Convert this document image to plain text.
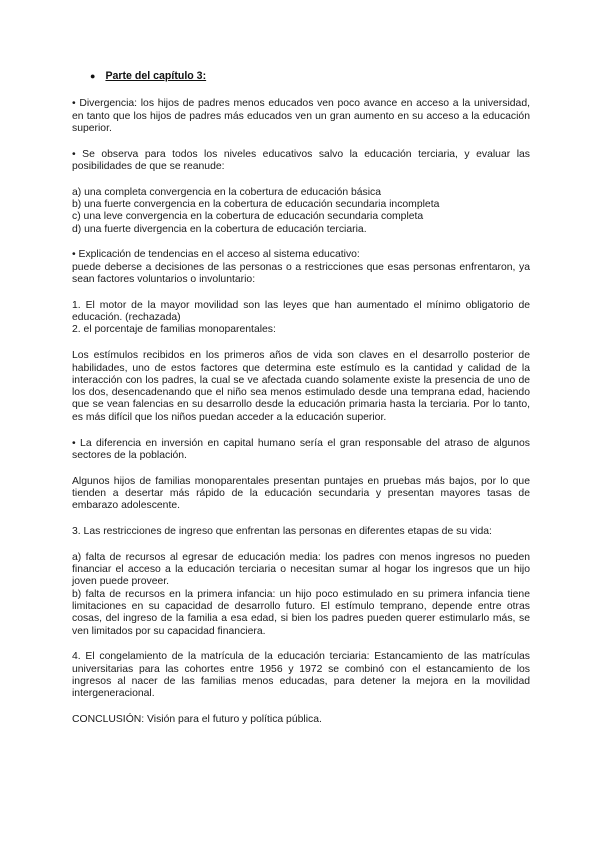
● Parte del capítulo 3:

• Divergencia: los hijos de padres menos educados ven poco avance en acceso a la universidad, en tanto que los hijos de padres más educados ven un gran aumento en su acceso a la educación superior.

• Se observa para todos los niveles educativos salvo la educación terciaria, y evaluar las posibilidades de que se reanude:

a) una completa convergencia en la cobertura de educación básica

b) una fuerte convergencia en la cobertura de educación secundaria incompleta

c) una leve convergencia en la cobertura de educación secundaria completa

d) una fuerte divergencia en la cobertura de educación terciaria.

• Explicación de tendencias en el acceso al sistema educativo:

puede deberse a decisiones de las personas o a restricciones que esas personas enfrentaron, ya sean factores voluntarios o involuntario:

1. El motor de la mayor movilidad son las leyes que han aumentado el mínimo obligatorio de educación. (rechazada)

2. el porcentaje de familias monoparentales:

Los estímulos recibidos en los primeros años de vida son claves en el desarrollo posterior de habilidades, uno de estos factores que determina este estímulo es la cantidad y calidad de la interacción con los padres, la cual se ve afectada cuando solamente existe la presencia de uno de los dos, desencadenando que el niño sea menos estimulado desde una temprana edad, haciendo que se vean falencias en su desarrollo desde la educación primaria hasta la terciaria. Por lo tanto, es más difícil que los niños puedan acceder a la educación superior.

• La diferencia en inversión en capital humano sería el gran responsable del atraso de algunos sectores de la población.

Algunos hijos de familias monoparentales presentan puntajes en pruebas más bajos, por lo que tienden a desertar más rápido de la educación secundaria y presentan mayores tasas de embarazo adolescente.

3. Las restricciones de ingreso que enfrentan las personas en diferentes etapas de su vida:

a) falta de recursos al egresar de educación media: los padres con menos ingresos no pueden financiar el acceso a la educación terciaria o necesitan sumar al hogar los ingresos que un hijo joven puede proveer.

b) falta de recursos en la primera infancia: un hijo poco estimulado en su primera infancia tiene limitaciones en su capacidad de desarrollo futuro. El estímulo temprano, depende entre otras cosas, del ingreso de la familia a esa edad, si bien los padres pueden querer estimularlo más, se ven limitados por su capacidad financiera.

4. El congelamiento de la matrícula de la educación terciaria: Estancamiento de las matrículas universitarias para las cohortes entre 1956 y 1972 se combinó con el estancamiento de los ingresos al nacer de las familias menos educadas, para detener la mejora en la movilidad intergeneracional.

CONCLUSIÓN: Visión para el futuro y política pública.
